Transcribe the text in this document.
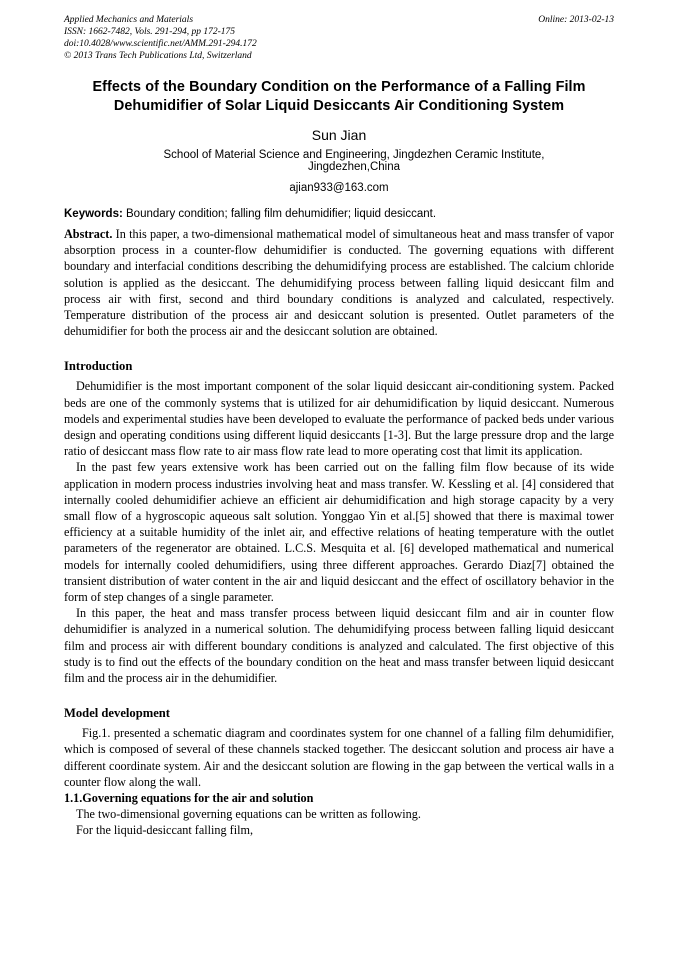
Applied Mechanics and Materials
ISSN: 1662-7482, Vols. 291-294, pp 172-175
doi:10.4028/www.scientific.net/AMM.291-294.172
© 2013 Trans Tech Publications Ltd, Switzerland
Online: 2013-02-13
Effects of the Boundary Condition on the Performance of a Falling Film
Dehumidifier of Solar Liquid Desiccants Air Conditioning System
Sun Jian
School of Material Science and Engineering, Jingdezhen Ceramic Institute,
Jingdezhen,China
ajian933@163.com
Keywords: Boundary condition; falling film dehumidifier; liquid desiccant.

Abstract. In this paper, a two-dimensional mathematical model of simultaneous heat and mass transfer of vapor absorption process in a counter-flow dehumidifier is conducted. The governing equations with different boundary and interfacial conditions describing the dehumidifying process are established. The calcium chloride solution is applied as the desiccant. The dehumidifying process between falling liquid desiccant film and process air with first, second and third boundary conditions is analyzed and calculated, respectively. Temperature distribution of the process air and desiccant solution is presented. Outlet parameters of the dehumidifier for both the process air and the desiccant solution are obtained.

Introduction

Dehumidifier is the most important component of the solar liquid desiccant air-conditioning system. Packed beds are one of the commonly systems that is utilized for air dehumidification by liquid desiccant. Numerous models and experimental studies have been developed to evaluate the performance of packed beds under various design and operating conditions using different liquid desiccants [1-3]. But the large pressure drop and the large ratio of desiccant mass flow rate to air mass flow rate lead to more operating cost that limit its application.

In the past few years extensive work has been carried out on the falling film flow because of its wide application in modern process industries involving heat and mass transfer. W. Kessling et al. [4] considered that internally cooled dehumidifier achieve an efficient air dehumidification and high storage capacity by a very small flow of a hygroscopic aqueous salt solution. Yonggao Yin et al.[5] showed that there is maximal tower efficiency at a suitable humidity of the inlet air, and effective relations of heating temperature with the outlet parameters of the regenerator are obtained. L.C.S. Mesquita et al. [6] developed mathematical and numerical models for internally cooled dehumidifiers, using three different approaches. Gerardo Diaz[7] obtained the transient distribution of water content in the air and liquid desiccant and the effect of oscillatory behavior in the form of step changes of a single parameter.

In this paper, the heat and mass transfer process between liquid desiccant film and air in counter flow dehumidifier is analyzed in a numerical solution. The dehumidifying process between falling liquid desiccant film and process air with different boundary conditions is analyzed and calculated. The first objective of this study is to find out the effects of the boundary condition on the heat and mass transfer between liquid desiccant film and the process air in the dehumidifier.

Model development

Fig.1. presented a schematic diagram and coordinates system for one channel of a falling film dehumidifier, which is composed of several of these channels stacked together. The desiccant solution and process air have a different coordinate system. Air and the desiccant solution are flowing in the gap between the vertical walls in a counter flow along the wall.

1.1.Governing equations for the air and solution

The two-dimensional governing equations can be written as following.

For the liquid-desiccant falling film,
